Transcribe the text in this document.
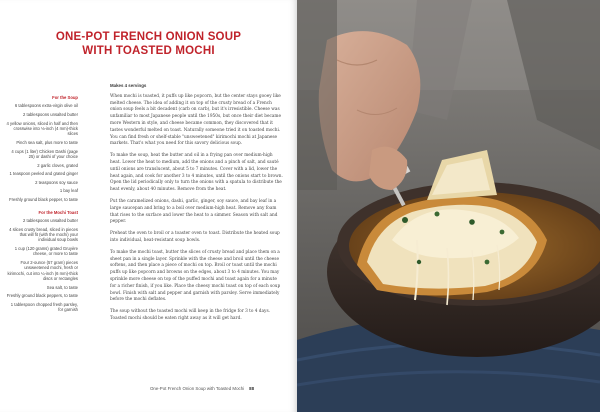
ONE-POT FRENCH ONION SOUP
WITH TOASTED MOCHI
For the Soup
6 tablespoons extra-virgin olive oil
2 tablespoons unsalted butter
4 yellow onions, sliced in half and then crosswise into ⅛-inch (4 mm)-thick slices
Pinch sea salt, plus more to taste
4 cups (1 liter) Chicken Dashi (page 25) or dashi of your choice
2 garlic cloves, grated
1 teaspoon peeled and grated ginger
2 teaspoons soy sauce
1 bay leaf
Freshly ground black pepper, to taste
For the Mochi Toast
2 tablespoons unsalted butter
4 slices crusty bread, sliced in pieces that will fit (with the mochi) your individual soup bowls
1 cup (120 grams) grated Gruyère cheese, or more to taste
Four 2-ounce (57 gram) pieces unsweetened mochi, fresh or kirimochi, cut into ¼-inch (6 mm)-thick discs or rectangles
Sea salt, to taste
Freshly ground black peppers, to taste
1 tablespoon chopped fresh parsley, for garnish
Makes 4 servings

When mochi is toasted, it puffs up like popcorn, but the center stays gooey like melted cheese. The idea of adding it on top of the crusty bread of a French onion soup feels a bit decadent (carb on carb), but it's irresistible. Cheese was unfamiliar to most Japanese people until the 1950s, but once their diet became more Western in style, and cheese became common, they discovered that it tastes wonderful melted on toast. Naturally someone tried it on toasted mochi. You can find fresh or shelf-stable "unsweetened" kirimochi mochi at Japanese markets. That's what you need for this savory delicious soup.

To make the soup, heat the butter and oil in a frying pan over medium-high heat. Lower the heat to medium, add the onions and a pinch of salt, and sauté until onions are translucent, about 5 to 7 minutes. Cover with a lid, lower the heat again, and cook for another 3 to 4 minutes, until the onions start to brown. Open the lid periodically only to turn the onions with a spatula to distribute the heat evenly, about 40 minutes. Remove from the heat.

Put the caramelized onions, dashi, garlic, ginger, soy sauce, and bay leaf in a large saucepan and bring to a boil over medium-high heat. Remove any foam that rises to the surface and lower the heat to a simmer. Season with salt and pepper.

Preheat the oven to broil or a toaster oven to toast. Distribute the heated soup into individual, heat-resistant soup bowls.

To make the mochi toast, butter the slices of crusty bread and place them on a sheet pan in a single layer. Sprinkle with the cheese and broil until the cheese softens, and then place a piece of mochi on top. Broil or toast until the mochi puffs up like popcorn and browns on the edges, about 3 to 4 minutes. You may sprinkle more cheese on top of the puffed mochi and toast again for a minute for a richer finish, if you like. Place the cheesy mochi toast on top of each soup bowl. Finish with salt and pepper and garnish with parsley. Serve immediately before the mochi deflates.

The soup without the toasted mochi will keep in the fridge for 3 to 4 days. Toasted mochi should be eaten right away as it will get hard.

One-Pot French Onion Soup with Toasted Mochi 88
